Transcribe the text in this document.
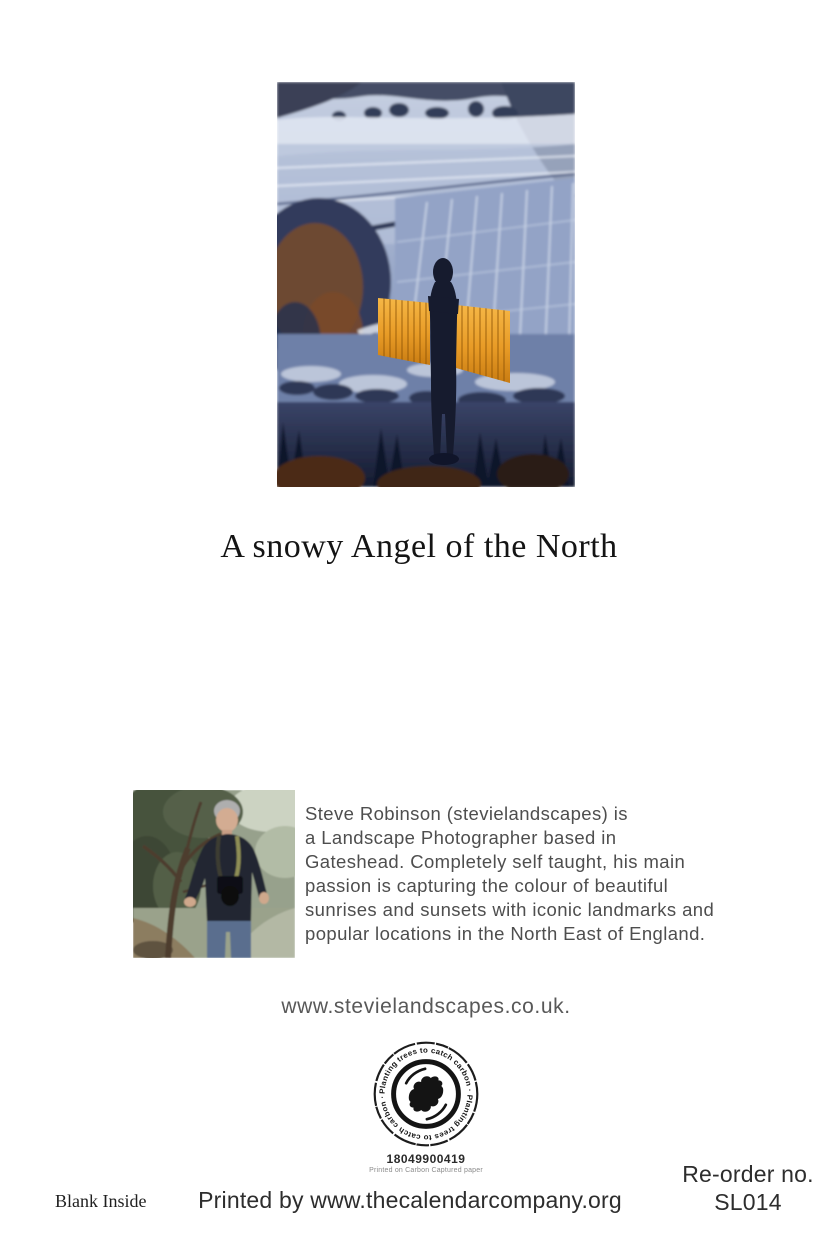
A snowy Angel of the North
Steve Robinson (stevielandscapes) is
a Landscape Photographer based in
Gateshead. Completely self taught, his main
passion is capturing the colour of beautiful
sunrises and sunsets with iconic landmarks and
popular locations in the North East of England.
www.stevielandscapes.co.uk.
Planting trees to catch carbon · Planting trees to catch carbon ·
18049900419
Printed on Carbon Captured paper
Blank Inside	Printed by www.thecalendarcompany.org
Re-order no.
SL014
